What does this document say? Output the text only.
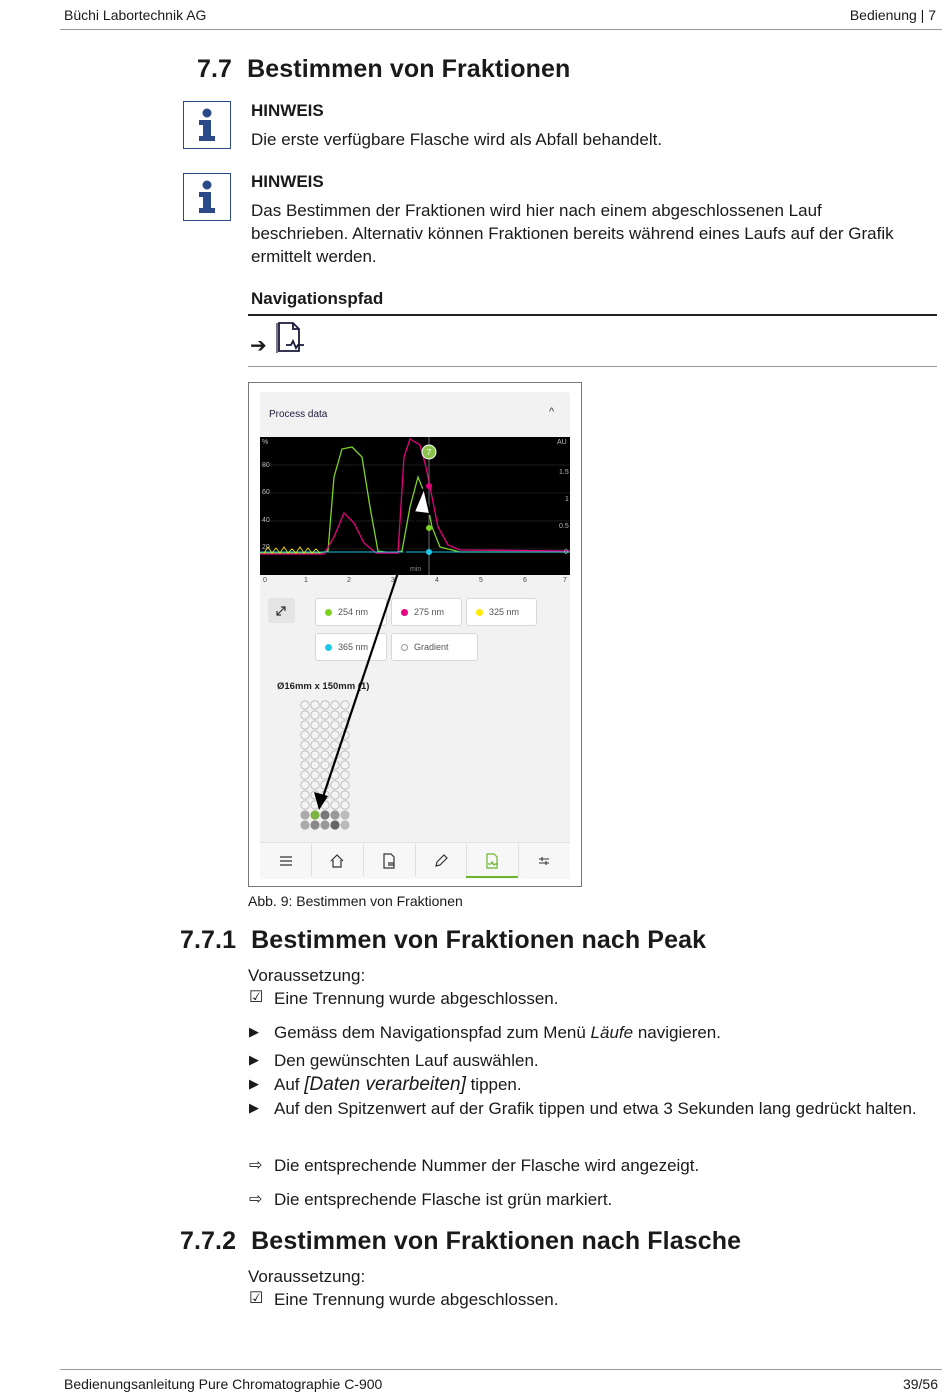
Büchi Labortechnik AG	Bedienung | 7
7.7 Bestimmen von Fraktionen
HINWEIS
Die erste verfügbare Flasche wird als Abfall behandelt.
HINWEIS
Das Bestimmen der Fraktionen wird hier nach einem abgeschlossenen Lauf beschrieben. Alternativ können Fraktionen bereits während eines Laufs auf der Grafik ermittelt werden.
Navigationspfad
➔
Process data	^
7
%	AU
80
60
40
20
1.5
1
0.5
0
0	1	2	3	4	5	6	7
min
254 nm	275 nm	325 nm
365 nm	Gradient
Ø16mm x 150mm (1)
Abb. 9: Bestimmen von Fraktionen
7.7.1 Bestimmen von Fraktionen nach Peak
Voraussetzung:
☑ Eine Trennung wurde abgeschlossen.
▶ Gemäss dem Navigationspfad zum Menü Läufe navigieren.
▶ Den gewünschten Lauf auswählen.
▶ Auf [Daten verarbeiten] tippen.
▶ Auf den Spitzenwert auf der Grafik tippen und etwa 3 Sekunden lang gedrückt halten.
⇨ Die entsprechende Nummer der Flasche wird angezeigt.
⇨ Die entsprechende Flasche ist grün markiert.
7.7.2 Bestimmen von Fraktionen nach Flasche
Voraussetzung:
☑ Eine Trennung wurde abgeschlossen.
Bedienungsanleitung Pure Chromatographie C-900	39/56
